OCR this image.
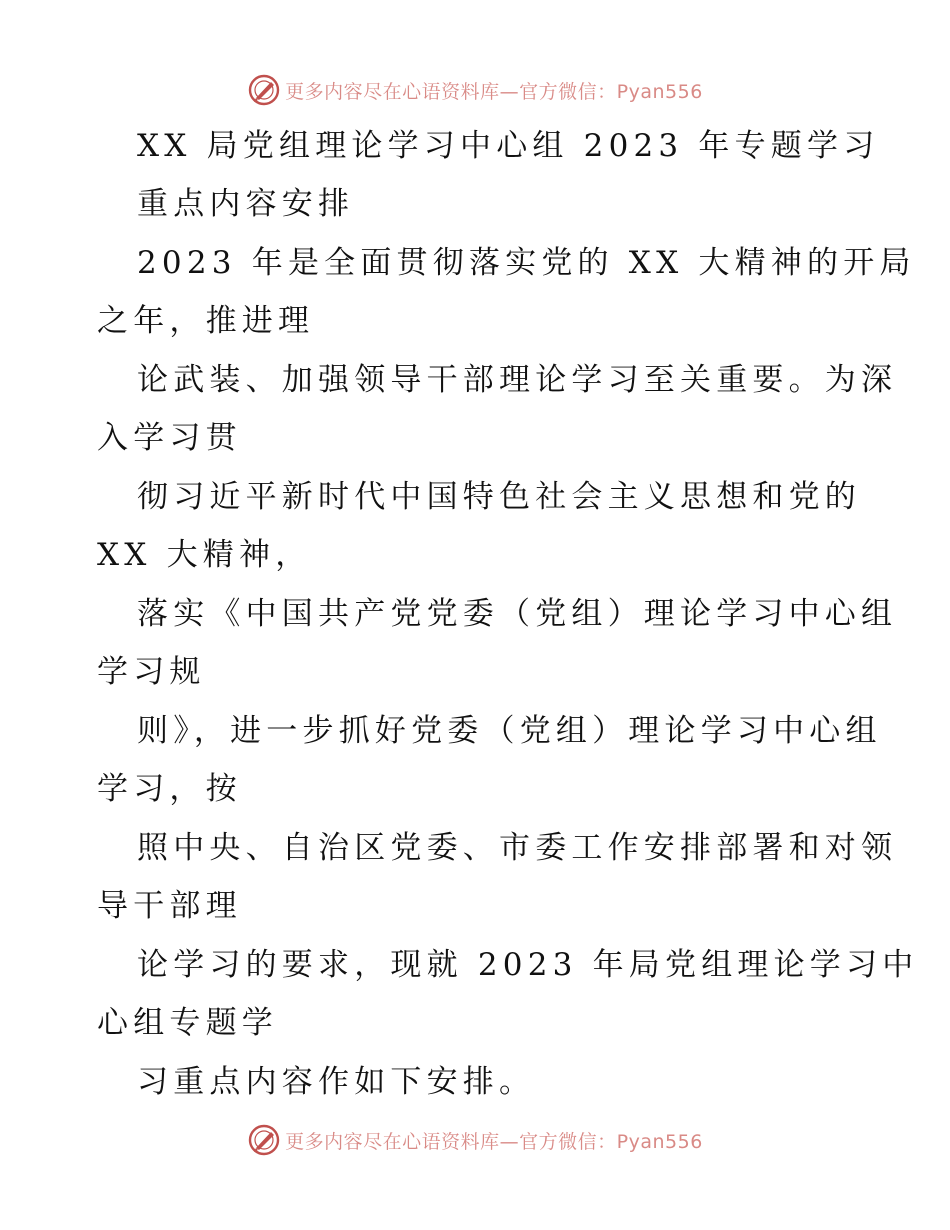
更多内容尽在心语资料库—官方微信：Pyan556
XX 局党组理论学习中心组 2023 年专题学习
重点内容安排
2023 年是全面贯彻落实党的 XX 大精神的开局
之年，推进理
论武装、加强领导干部理论学习至关重要。为深
入学习贯
彻习近平新时代中国特色社会主义思想和党的
XX 大精神，
落实《中国共产党党委（党组）理论学习中心组
学习规
则》，进一步抓好党委（党组）理论学习中心组
学习，按
照中央、自治区党委、市委工作安排部署和对领
导干部理
论学习的要求，现就 2023 年局党组理论学习中
心组专题学
习重点内容作如下安排。
更多内容尽在心语资料库—官方微信：Pyan556
